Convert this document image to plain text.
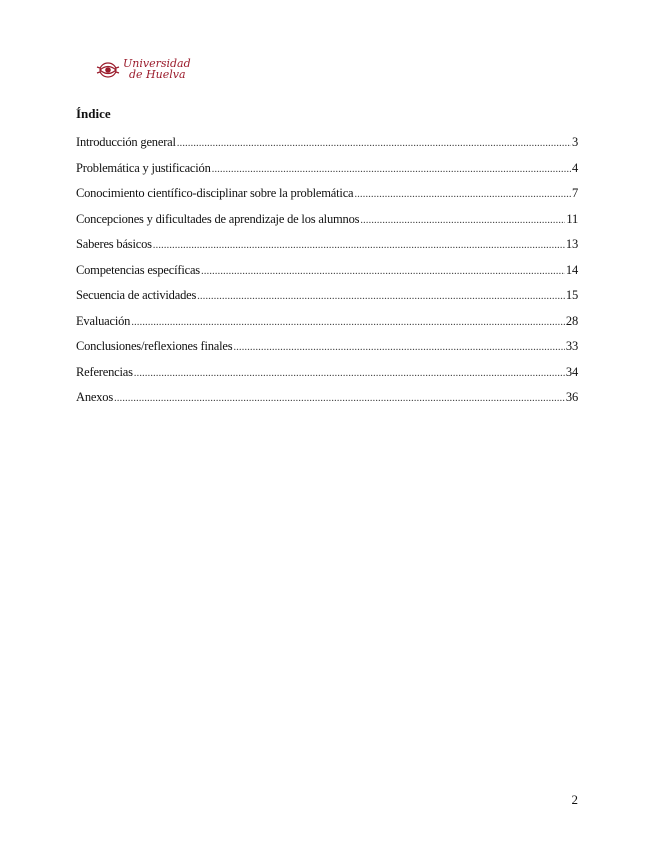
Universidad
de Huelva
Índice
Introducción general .....	3
Problemática y justificación .....	4
Conocimiento científico-disciplinar sobre la problemática .....	7
Concepciones y dificultades de aprendizaje de los alumnos .....	11
Saberes básicos .....	13
Competencias específicas .....	14
Secuencia de actividades .....	15
Evaluación .....	28
Conclusiones/reflexiones finales .....	33
Referencias .....	34
Anexos .....	36
2
